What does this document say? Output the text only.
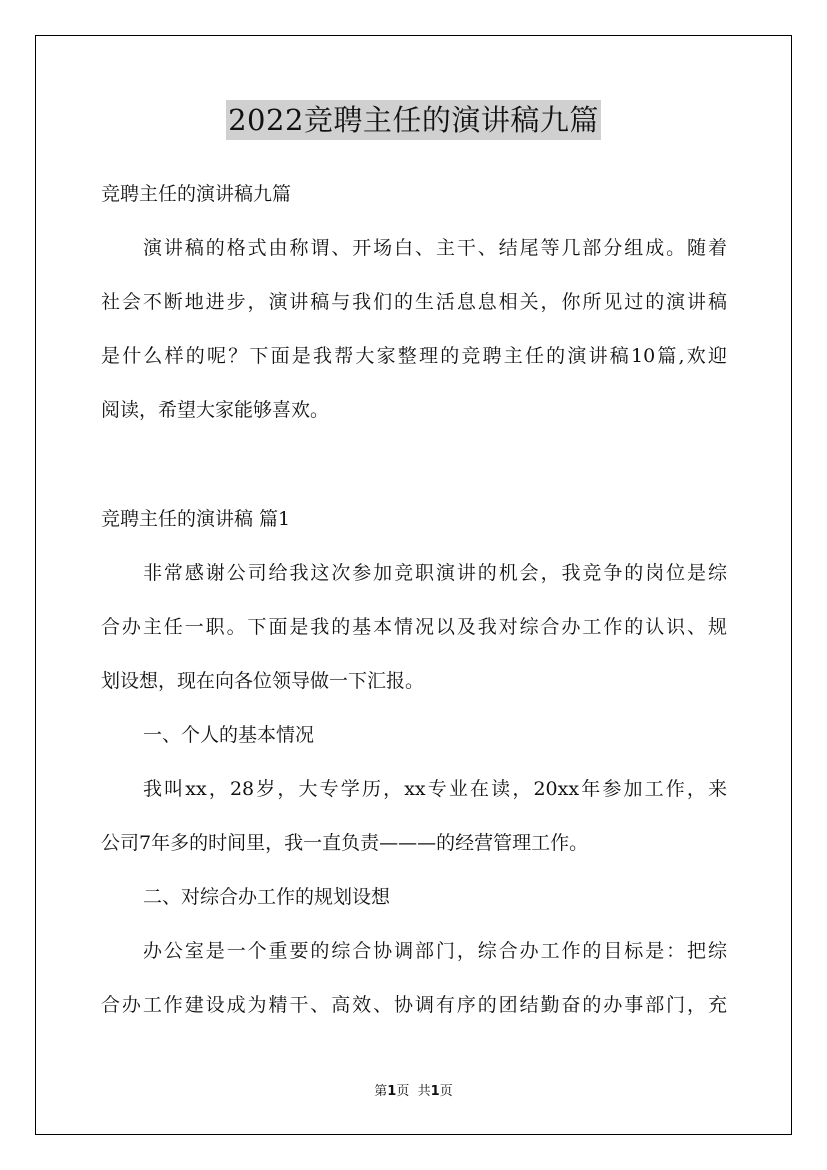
2022竞聘主任的演讲稿九篇
竞聘主任的演讲稿九篇
演讲稿的格式由称谓、开场白、主干、结尾等几部分组成。随着
社会不断地进步，演讲稿与我们的生活息息相关，你所见过的演讲稿
是什么样的呢？下面是我帮大家整理的竞聘主任的演讲稿10篇,欢迎
阅读，希望大家能够喜欢。
竞聘主任的演讲稿 篇1
非常感谢公司给我这次参加竞职演讲的机会，我竞争的岗位是综
合办主任一职。下面是我的基本情况以及我对综合办工作的认识、规
划设想，现在向各位领导做一下汇报。
一、个人的基本情况
我叫xx，28岁，大专学历，xx专业在读，20xx年参加工作，来
公司7年多的时间里，我一直负责———的经营管理工作。
二、对综合办工作的规划设想
办公室是一个重要的综合协调部门，综合办工作的目标是：把综
合办工作建设成为精干、高效、协调有序的团结勤奋的办事部门，充
第1页 共1页
